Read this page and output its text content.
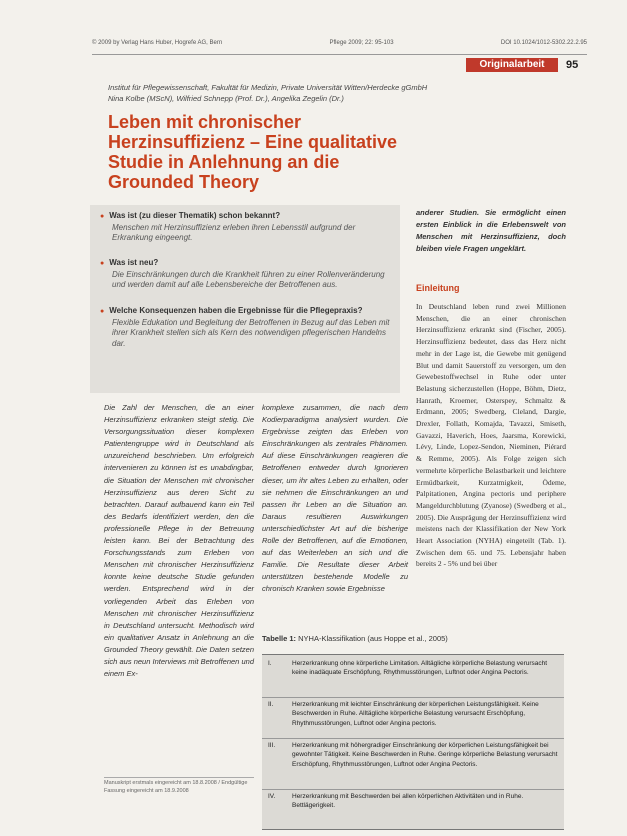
© 2009 by Verlag Hans Huber, Hogrefe AG, Bern	Pflege 2009; 22: 95-103	DOI 10.1024/1012-5302.22.2.95
Originalarbeit	95
Institut für Pflegewissenschaft, Fakultät für Medizin, Private Universität Witten/Herdecke gGmbH
Nina Kolbe (MScN), Wilfried Schnepp (Prof. Dr.), Angelika Zegelin (Dr.)
Leben mit chronischer Herzinsuffizienz – Eine qualitative Studie in Anlehnung an die Grounded Theory
● Was ist (zu dieser Thematik) schon bekannt?
Menschen mit Herzinsuffizienz erleben ihren Lebensstil aufgrund der Erkrankung eingeengt.
● Was ist neu?
Die Einschränkungen durch die Krankheit führen zu einer Rollenveränderung und werden damit auf alle Lebensbereiche der Betroffenen aus.
● Welche Konsequenzen haben die Ergebnisse für die Pflegepraxis?
Flexible Edukation und Begleitung der Betroffenen in Bezug auf das Leben mit ihrer Krankheit stellen sich als Kern des notwendigen pflegerischen Handelns dar.
Die Zahl der Menschen, die an einer Herzinsuffizienz erkranken steigt stetig. Die Versorgungssituation dieser komplexen Patientengruppe wird in Deutschland als unzureichend beschrieben. Um erfolgreich intervenieren zu können ist es unabdingbar, die Situation der Menschen mit chronischer Herzinsuffizienz aus deren Sicht zu betrachten. Darauf aufbauend kann ein Teil des Bedarfs identifiziert werden, den die professionelle Pflege in der Betreuung leisten kann. Bei der Betrachtung des Forschungsstands zum Erleben von Menschen mit chronischer Herzinsuffizienz konnte keine deutsche Studie gefunden werden. Entsprechend wird in der vorliegenden Arbeit das Erleben von Menschen mit chronischer Herzinsuffizienz in Deutschland untersucht. Methodisch wird ein qualitativer Ansatz in Anlehnung an die Grounded Theory gewählt. Die Daten setzen sich aus neun Interviews mit Betroffenen und einem Ex-
komplexe zusammen, die nach dem Kodierparadigma analysiert wurden. Die Ergebnisse zeigten das Erleben von Einschränkungen als zentrales Phänomen. Auf diese Einschränkungen reagieren die Betroffenen entweder durch Ignorieren dieser, um ihr altes Leben zu erhalten, oder sie nehmen die Einschränkungen an und passen ihr Leben an die Situation an. Daraus resultieren Auswirkungen unterschiedlichster Art auf die bisherige Rolle der Betroffenen, auf die Emotionen, auf das Weiterleben an sich und die Familie. Die Resultate dieser Arbeit unterstützen bestehende Modelle zu chronisch Kranken sowie Ergebnisse
anderer Studien. Sie ermöglicht einen ersten Einblick in die Erlebenswelt von Menschen mit Herzinsuffizienz, doch bleiben viele Fragen ungeklärt.
Einleitung
In Deutschland leben rund zwei Millionen Menschen, die an einer chronischen Herzinsuffizienz erkrankt sind (Fischer, 2005). Herzinsuffizienz bedeutet, dass das Herz nicht mehr in der Lage ist, die Gewebe mit genügend Blut und damit Sauerstoff zu versorgen, um den Gewebestoffwechsel in Ruhe oder unter Belastung sicherzustellen (Hoppe, Böhm, Dietz, Hanrath, Kroemer, Osterspey, Schmaltz & Erdmann, 2005; Swedberg, Cleland, Dargie, Drexler, Follath, Komajda, Tavazzi, Smiseth, Gavazzi, Haverich, Hoes, Jaarsma, Korewicki, Lévy, Linde, Lopez-Sendon, Nieminen, Piérard & Remme, 2005). Als Folge zeigen sich vermehrte körperliche Belastbarkeit und leichtere Ermüdbarkeit, Kurzatmigkeit, Ödeme, Palpitationen, Angina pectoris und periphere Mangeldurchblutung (Zyanose) (Swedberg et al., 2005). Die Ausprägung der Herzinsuffizienz wird meistens nach der Klassifikation der New York Heart Association (NYHA) eingeteilt (Tab. 1). Zwischen dem 65. und 75. Lebensjahr haben bereits 2 - 5% und bei über
Tabelle 1: NYHA-Klassifikation (aus Hoppe et al., 2005)
I.	Herzerkrankung ohne körperliche Limitation. Alltägliche körperliche Belastung verursacht keine inadäquate Erschöpfung, Rhythmusstörungen, Luftnot oder Angina Pectoris.
II.	Herzerkrankung mit leichter Einschränkung der körperlichen Leistungsfähigkeit. Keine Beschwerden in Ruhe. Alltägliche körperliche Belastung verursacht Erschöpfung, Rhythmusstörungen, Luftnot oder Angina pectoris.
III.	Herzerkrankung mit höhergradiger Einschränkung der körperlichen Leistungsfähigkeit bei gewohnter Tätigkeit. Keine Beschwerden in Ruhe. Geringe körperliche Belastung verursacht Erschöpfung, Rhythmusstörungen, Luftnot oder Angina Pectoris.
IV.	Herzerkrankung mit Beschwerden bei allen körperlichen Aktivitäten und in Ruhe. Bettlägerigkeit.
Manuskript erstmals eingereicht am 18.8.2008 / Endgültige Fassung eingereicht am 18.9.2008
